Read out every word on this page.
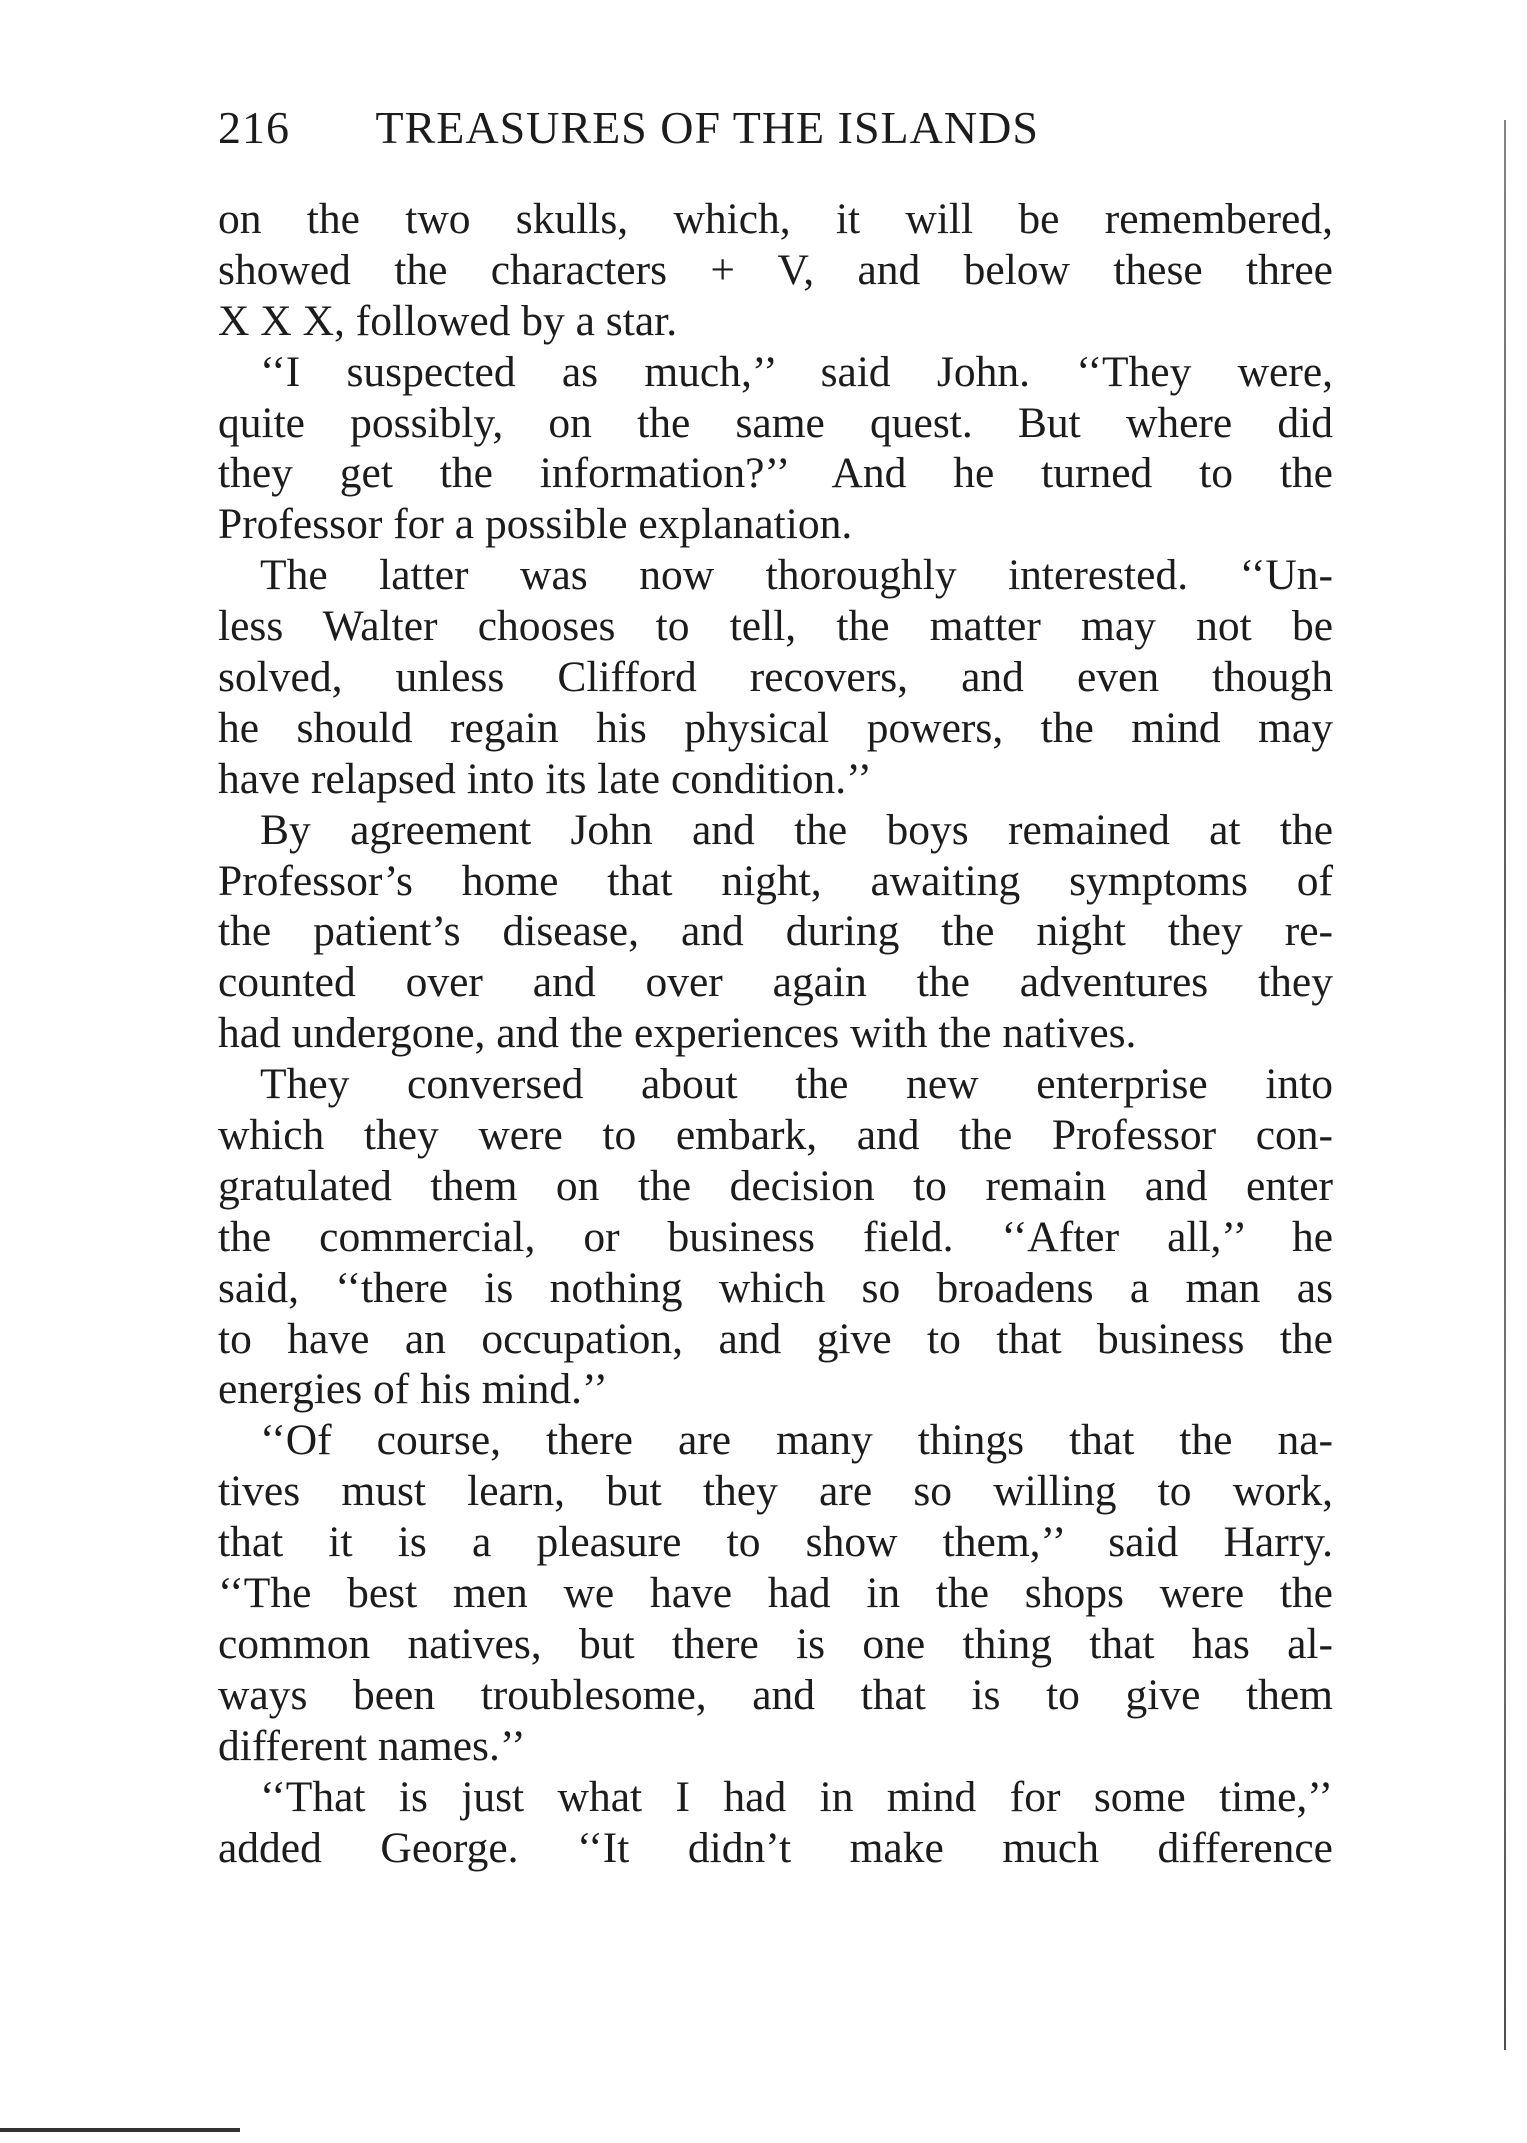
216 TREASURES OF THE ISLANDS
on the two skulls, which, it will be remembered,
showed the characters + V, and below these three
X X X, followed by a star.
‘‘I suspected as much,’’ said John. ‘‘They were,
quite possibly, on the same quest. But where did
they get the information?’’ And he turned to the
Professor for a possible explanation.
The latter was now thoroughly interested. ‘‘Un-
less Walter chooses to tell, the matter may not be
solved, unless Clifford recovers, and even though
he should regain his physical powers, the mind may
have relapsed into its late condition.’’
By agreement John and the boys remained at the
Professor’s home that night, awaiting symptoms of
the patient’s disease, and during the night they re-
counted over and over again the adventures they
had undergone, and the experiences with the natives.
They conversed about the new enterprise into
which they were to embark, and the Professor con-
gratulated them on the decision to remain and enter
the commercial, or business field. ‘‘After all,’’ he
said, ‘‘there is nothing which so broadens a man as
to have an occupation, and give to that business the
energies of his mind.’’
‘‘Of course, there are many things that the na-
tives must learn, but they are so willing to work,
that it is a pleasure to show them,’’ said Harry.
‘‘The best men we have had in the shops were the
common natives, but there is one thing that has al-
ways been troublesome, and that is to give them
different names.’’
‘‘That is just what I had in mind for some time,’’
added George. ‘‘It didn’t make much difference
